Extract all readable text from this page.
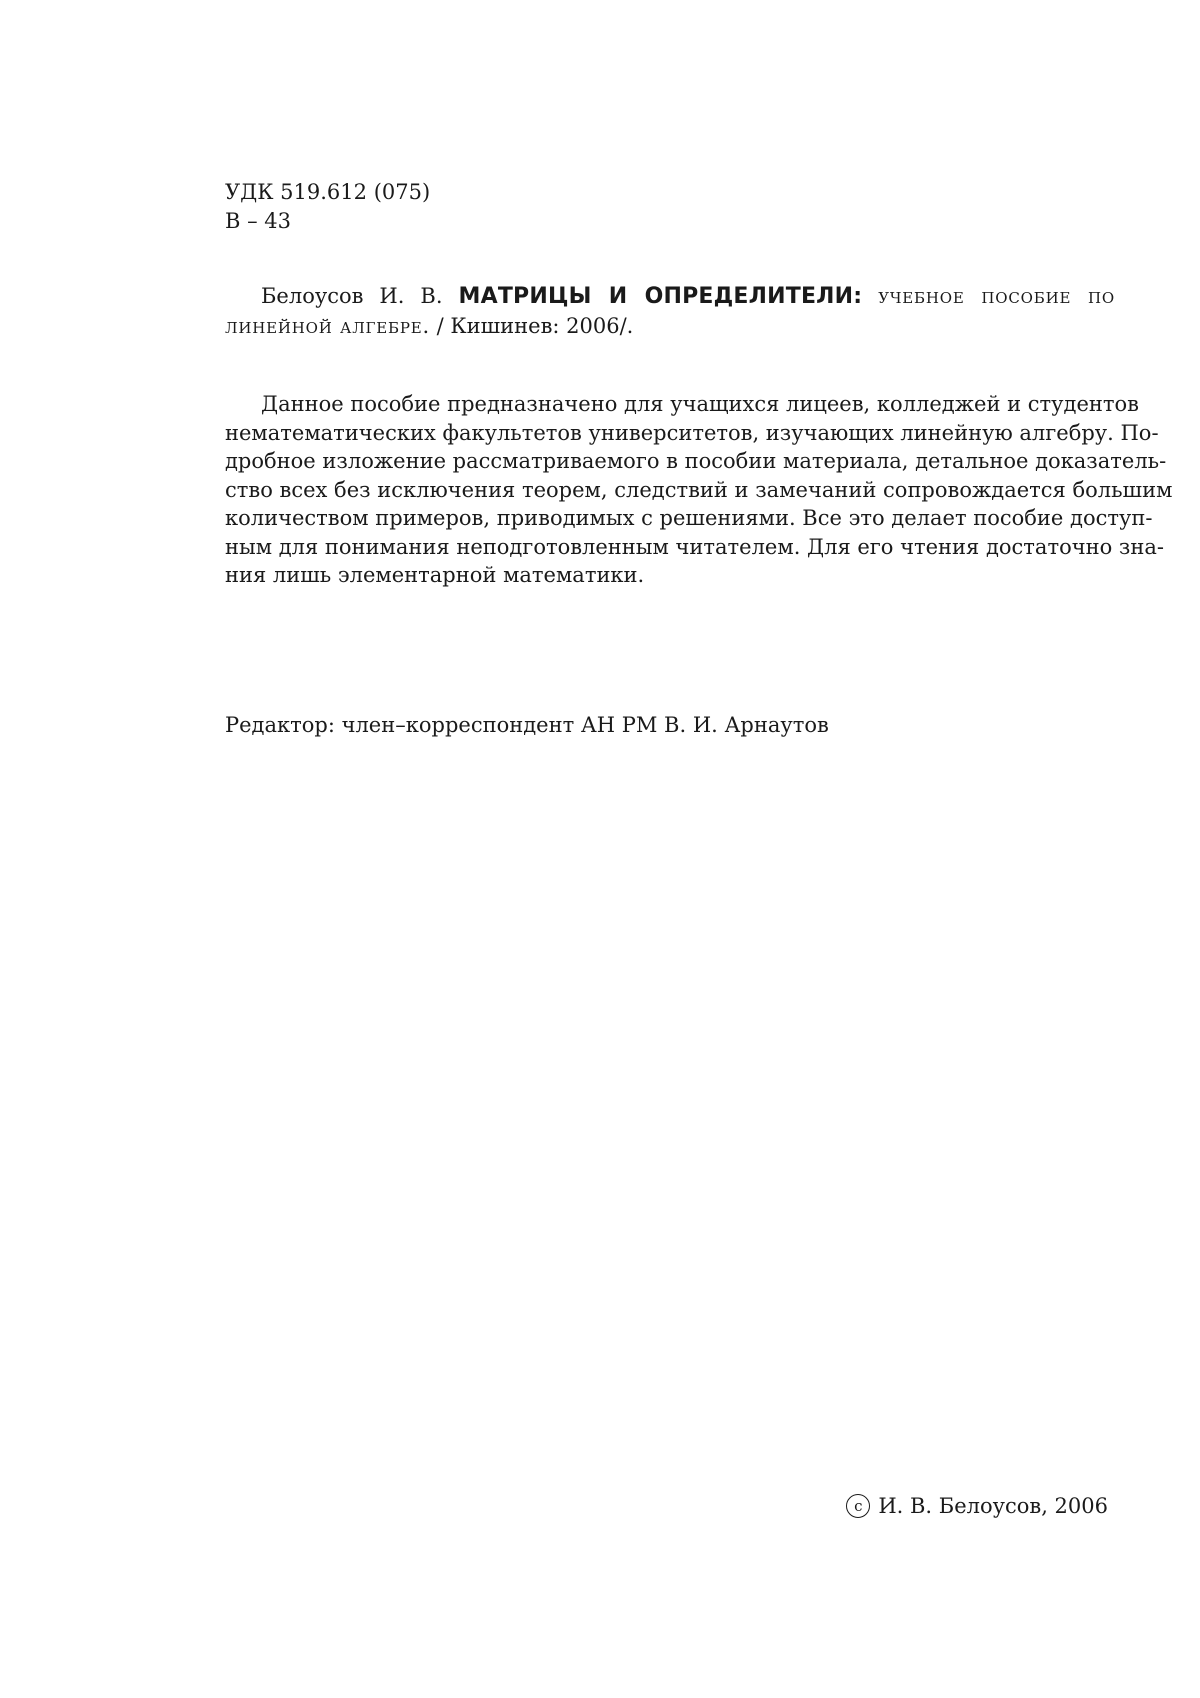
УДК 519.612 (075)
В – 43
Белоусов И. В. МАТРИЦЫ И ОПРЕДЕЛИТЕЛИ: учебное пособие по линейной алгебре. / Кишинев: 2006/.
Данное пособие предназначено для учащихся лицеев, колледжей и студентов
нематематических факультетов университетов, изучающих линейную алгебру. По-
дробное изложение рассматриваемого в пособии материала, детальное доказатель-
ство всех без исключения теорем, следствий и замечаний сопровождается большим
количеством примеров, приводимых с решениями. Все это делает пособие доступ-
ным для понимания неподготовленным читателем. Для его чтения достаточно зна-
ния лишь элементарной математики.
Редактор: член–корреспондент АН РМ В. И. Арнаутов
c И. В. Белоусов, 2006
